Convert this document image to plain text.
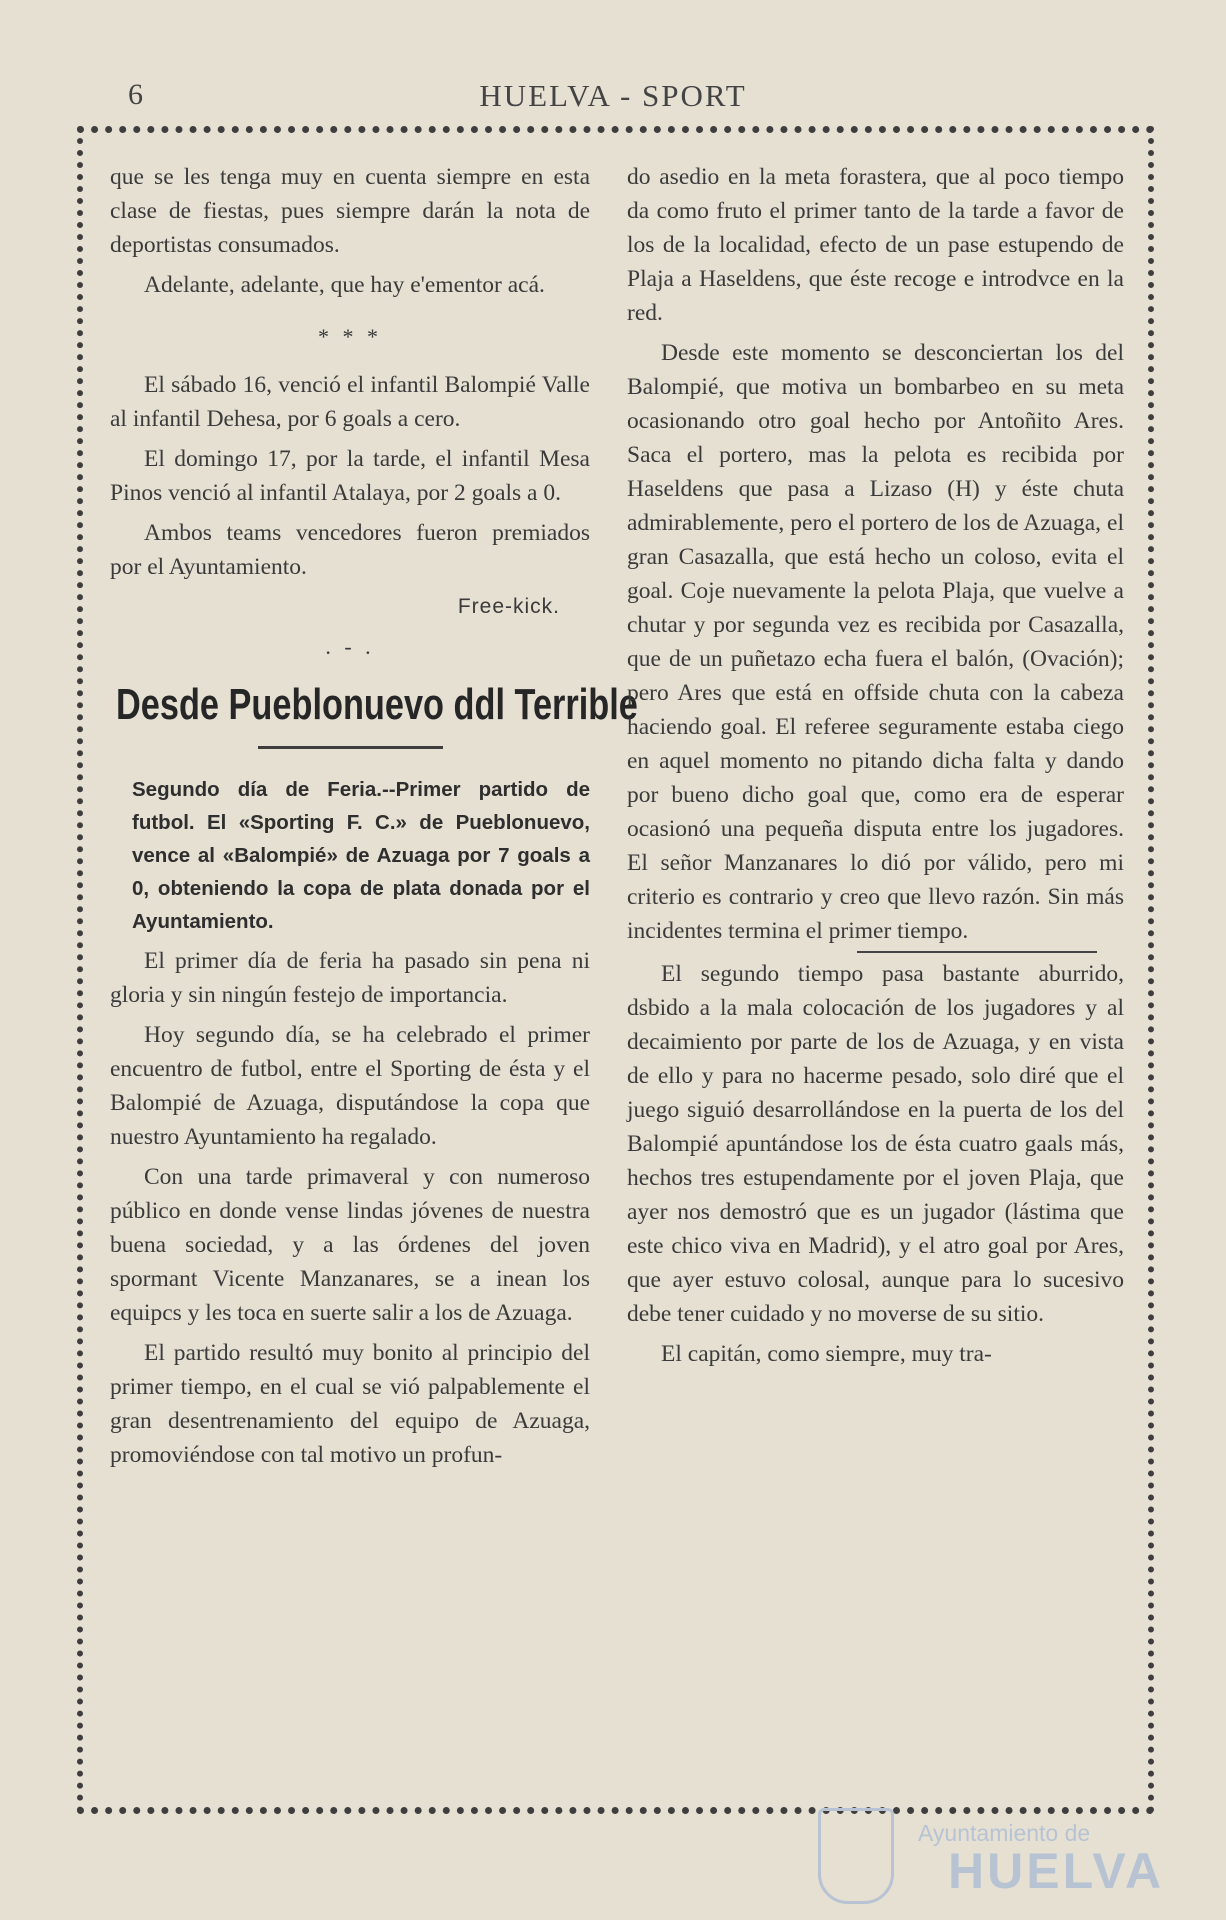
6	HUELVA - SPORT

que se les tenga muy en cuenta siempre en esta clase de fiestas, pues siempre darán la nota de deportistas consumados.

Adelante, adelante, que hay e'ementor acá.

* * *

El sábado 16, venció el infantil Balompié Valle al infantil Dehesa, por 6 goals a cero.

El domingo 17, por la tarde, el infantil Mesa Pinos venció al infantil Atalaya, por 2 goals a 0.

Ambos teams vencedores fueron premiados por el Ayuntamiento.

Free-kick.
. - .
Desde Pueblonuevo ddl Terrible

Segundo día de Feria.--Primer partido de futbol. El «Sporting F. C.» de Pueblonuevo, vence al «Balompié» de Azuaga por 7 goals a 0, obteniendo la copa de plata donada por el Ayuntamiento.

El primer día de feria ha pasado sin pena ni gloria y sin ningún festejo de importancia.

Hoy segundo día, se ha celebrado el primer encuentro de futbol, entre el Sporting de ésta y el Balompié de Azuaga, disputándose la copa que nuestro Ayuntamiento ha regalado.

Con una tarde primaveral y con numeroso público en donde vense lindas jóvenes de nuestra buena sociedad, y a las órdenes del joven spormant Vicente Manzanares, se a inean los equipcs y les toca en suerte salir a los de Azuaga.

El partido resultó muy bonito al principio del primer tiempo, en el cual se vió palpablemente el gran desentrenamiento del equipo de Azuaga, promoviéndose con tal motivo un profun-

do asedio en la meta forastera, que al poco tiempo da como fruto el primer tanto de la tarde a favor de los de la localidad, efecto de un pase estupendo de Plaja a Haseldens, que éste recoge e introdvce en la red.

Desde este momento se desconciertan los del Balompié, que motiva un bombarbeo en su meta ocasionando otro goal hecho por Antoñito Ares. Saca el portero, mas la pelota es recibida por Haseldens que pasa a Lizaso (H) y éste chuta admirablemente, pero el portero de los de Azuaga, el gran Casazalla, que está hecho un coloso, evita el goal. Coje nuevamente la pelota Plaja, que vuelve a chutar y por segunda vez es recibida por Casazalla, que de un puñetazo echa fuera el balón, (Ovación); pero Ares que está en offside chuta con la cabeza haciendo goal. El referee seguramente estaba ciego en aquel momento no pitando dicha falta y dando por bueno dicho goal que, como era de esperar ocasionó una pequeña disputa entre los jugadores. El señor Manzanares lo dió por válido, pero mi criterio es contrario y creo que llevo razón. Sin más incidentes termina el primer tiempo.

El segundo tiempo pasa bastante aburrido, dsbido a la mala colocación de los jugadores y al decaimiento por parte de los de Azuaga, y en vista de ello y para no hacerme pesado, solo diré que el juego siguió desarrollándose en la puerta de los del Balompié apuntándose los de ésta cuatro gaals más, hechos tres estupendamente por el joven Plaja, que ayer nos demostró que es un jugador (lástima que este chico viva en Madrid), y el atro goal por Ares, que ayer estuvo colosal, aunque para lo sucesivo debe tener cuidado y no moverse de su sitio.

El capitán, como siempre, muy tra-

Ayuntamiento de
HUELVA
